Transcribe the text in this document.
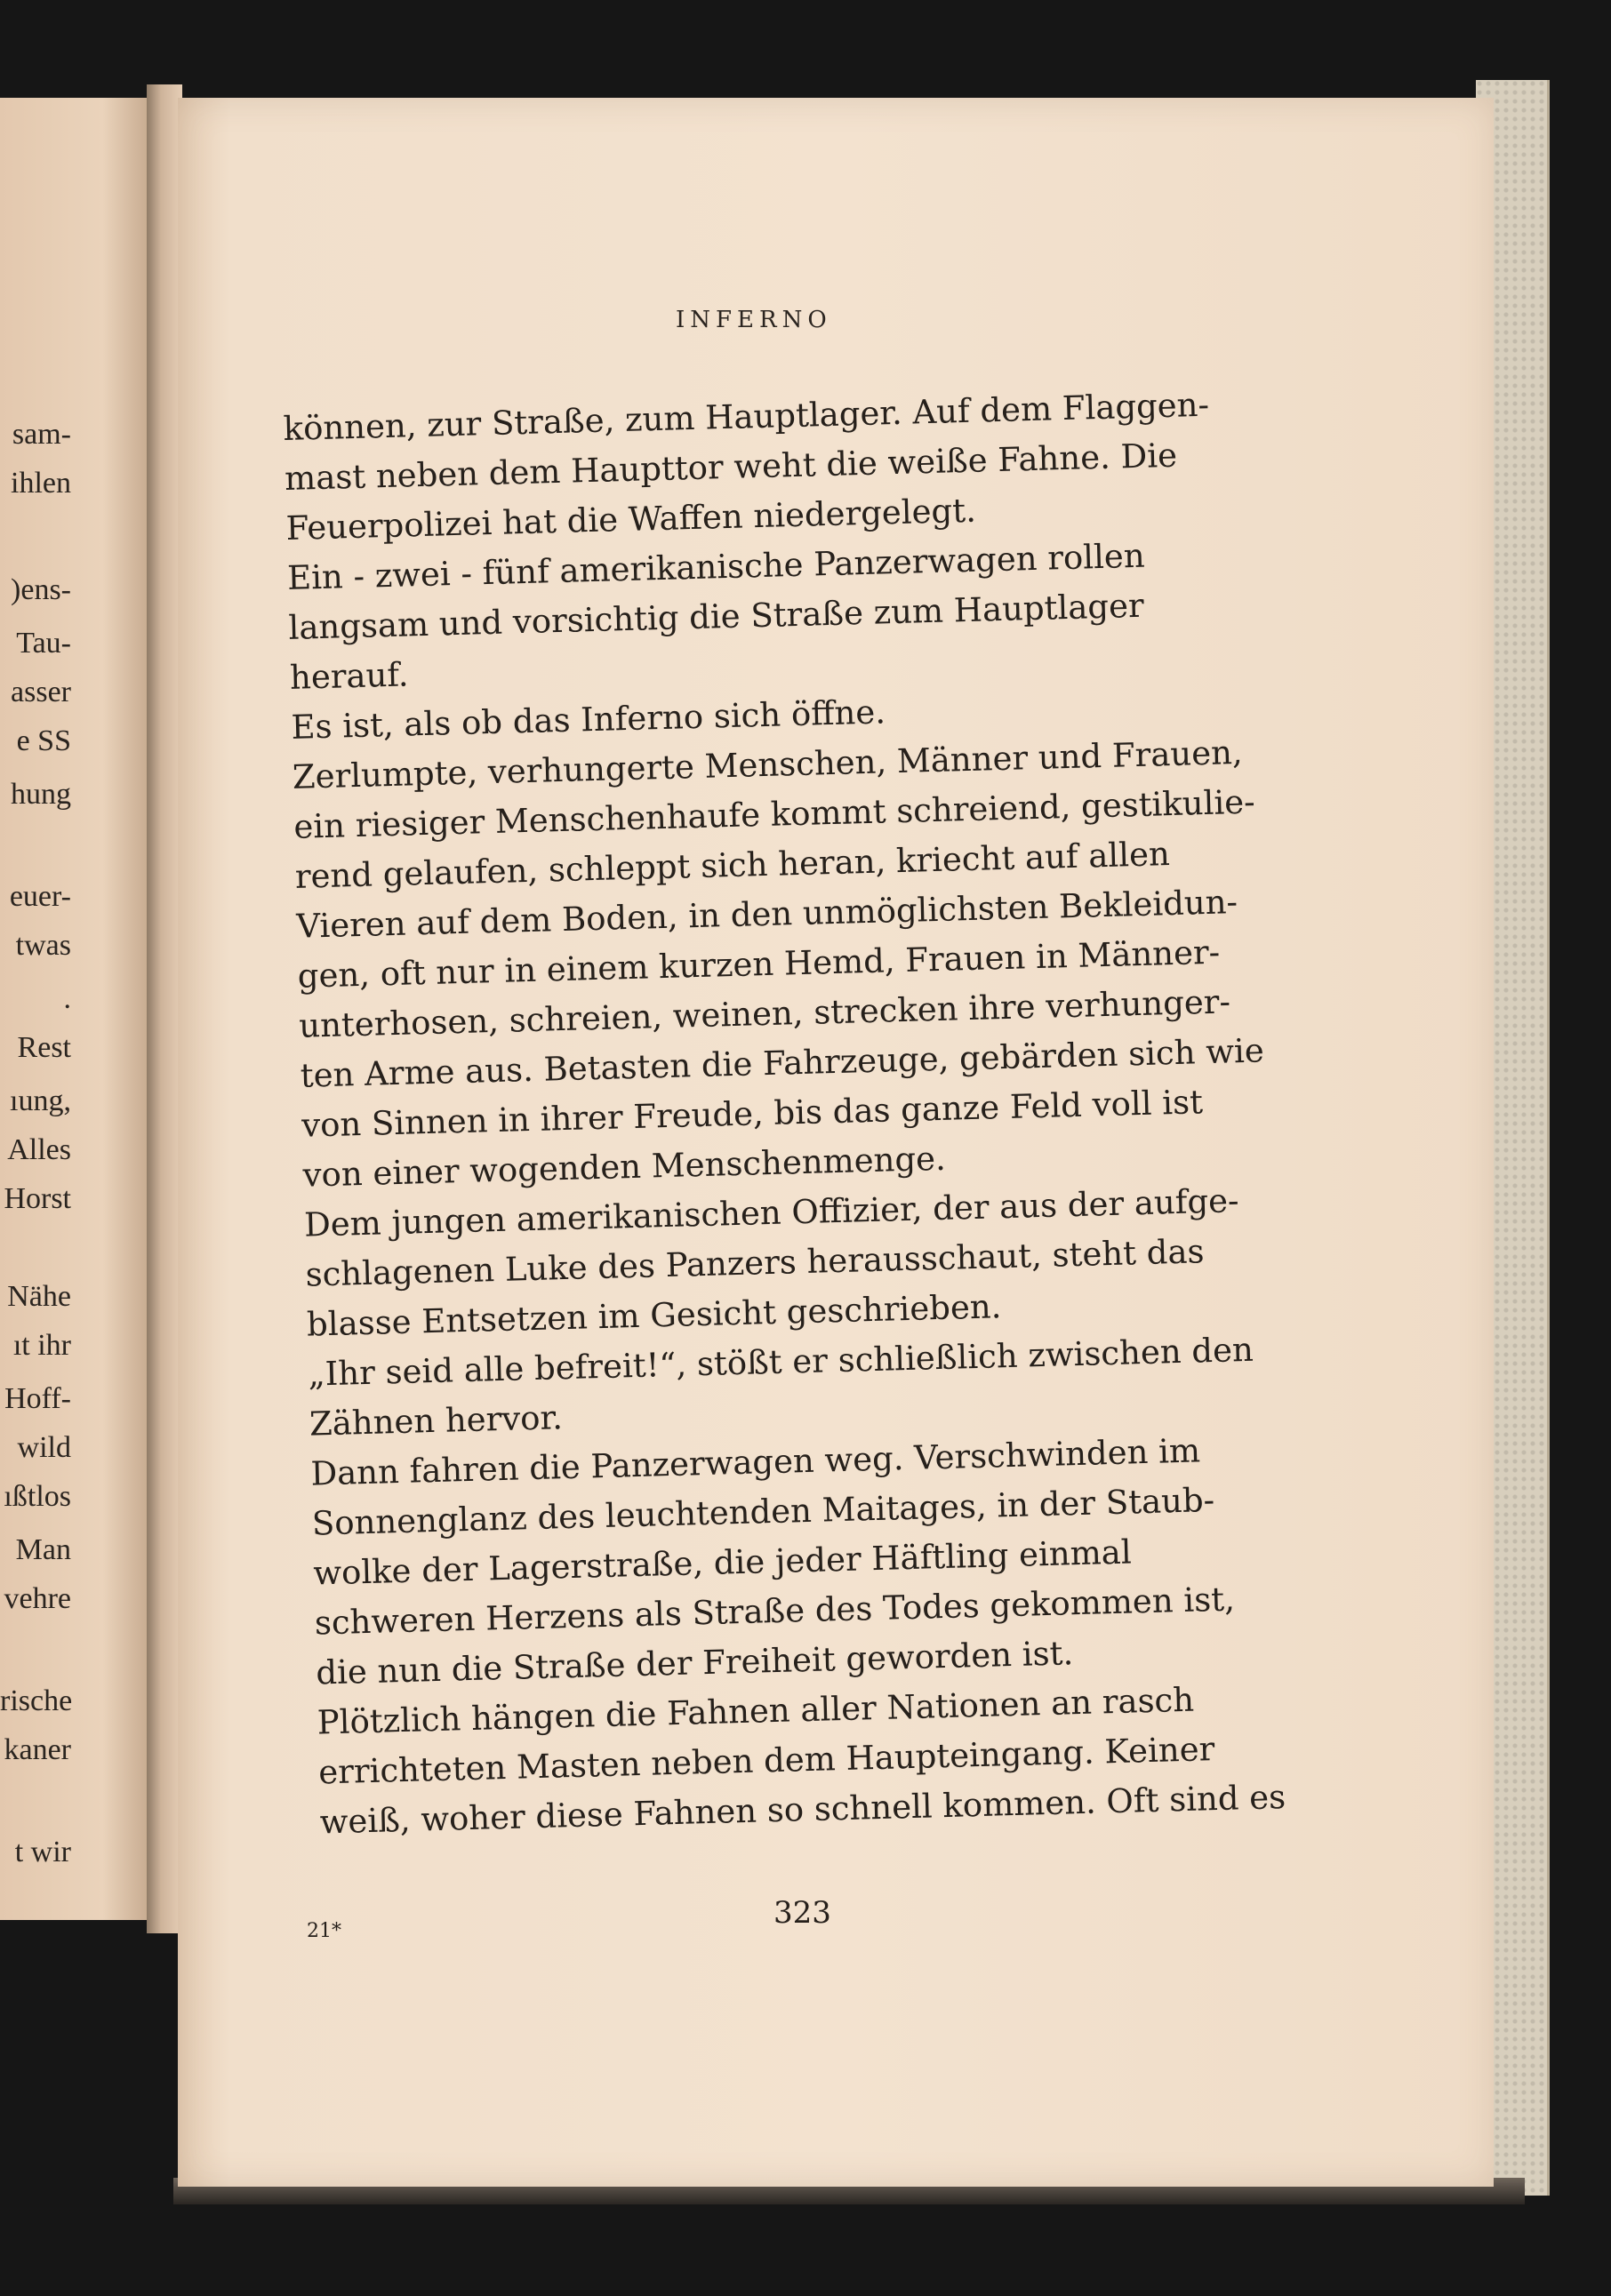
sam-
ihlen
)ens-
Tau-
asser
e SS
hung
euer-
twas
.
Rest
ıung,
Alles
Horst
Nähe
ıt ihr
Hoff-
wild
ıßtlos
Man
vehre
rische
kaner
t wir
INFERNO
können, zur Straße, zum Hauptlager. Auf dem Flaggen-
mast neben dem Haupttor weht die weiße Fahne. Die
Feuerpolizei hat die Waffen niedergelegt.
Ein - zwei - fünf amerikanische Panzerwagen rollen
langsam und vorsichtig die Straße zum Hauptlager
herauf.
Es ist, als ob das Inferno sich öffne.
Zerlumpte, verhungerte Menschen, Männer und Frauen,
ein riesiger Menschenhaufe kommt schreiend, gestikulie-
rend gelaufen, schleppt sich heran, kriecht auf allen
Vieren auf dem Boden, in den unmöglichsten Bekleidun-
gen, oft nur in einem kurzen Hemd, Frauen in Männer-
unterhosen, schreien, weinen, strecken ihre verhunger-
ten Arme aus. Betasten die Fahrzeuge, gebärden sich wie
von Sinnen in ihrer Freude, bis das ganze Feld voll ist
von einer wogenden Menschenmenge.
Dem jungen amerikanischen Offizier, der aus der aufge-
schlagenen Luke des Panzers herausschaut, steht das
blasse Entsetzen im Gesicht geschrieben.
„Ihr seid alle befreit!“, stößt er schließlich zwischen den
Zähnen hervor.
Dann fahren die Panzerwagen weg. Verschwinden im
Sonnenglanz des leuchtenden Maitages, in der Staub-
wolke der Lagerstraße, die jeder Häftling einmal
schweren Herzens als Straße des Todes gekommen ist,
die nun die Straße der Freiheit geworden ist.
Plötzlich hängen die Fahnen aller Nationen an rasch
errichteten Masten neben dem Haupteingang. Keiner
weiß, woher diese Fahnen so schnell kommen. Oft sind es
21*
323
